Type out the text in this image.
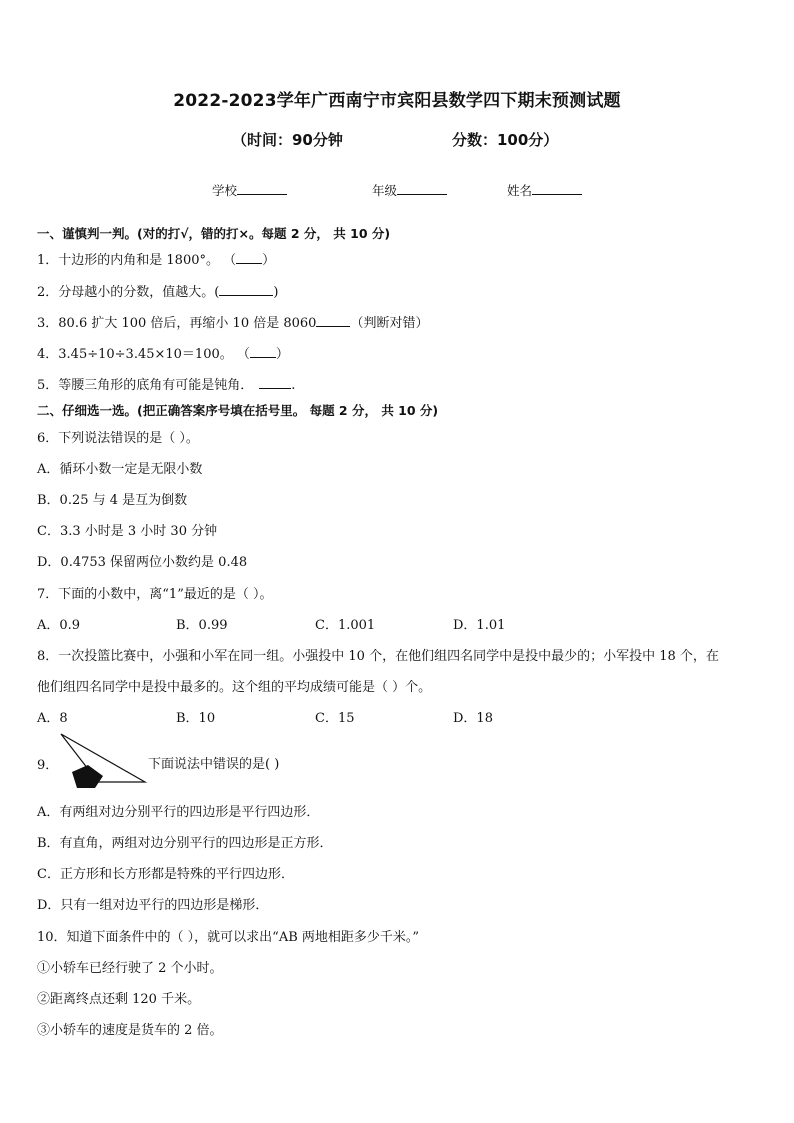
2022-2023学年广西南宁市宾阳县数学四下期末预测试题
（时间：90分钟	分数：100分）
学校	年级	姓名
一、谨慎判一判。(对的打√，错的打×。每题 2 分， 共 10 分)
1．十边形的内角和是 1800°。 （ ）
2．分母越小的分数，值越大。(	)
3．80.6 扩大 100 倍后，再缩小 10 倍是 8060	（判断对错）
4．3.45÷10÷3.45×10＝100。 （ ）
5．等腰三角形的底角有可能是钝角．	.
二、仔细选一选。(把正确答案序号填在括号里。 每题 2 分， 共 10 分)
6．下列说法错误的是（ ）。
A．循环小数一定是无限小数
B．0.25 与 4 是互为倒数
C．3.3 小时是 3 小时 30 分钟
D．0.4753 保留两位小数约是 0.48
7．下面的小数中，离“1”最近的是（ ）。
A．0.9	B．0.99	C．1.001	D．1.01
8．一次投篮比赛中，小强和小军在同一组。小强投中 10 个，在他们组四名同学中是投中最少的；小军投中 18 个，在
他们组四名同学中是投中最多的。这个组的平均成绩可能是（ ）个。
A．8	B．10	C．15	D．18
9．	下面说法中错误的是( )
A．有两组对边分别平行的四边形是平行四边形．
B．有直角，两组对边分别平行的四边形是正方形．
C．正方形和长方形都是特殊的平行四边形．
D．只有一组对边平行的四边形是梯形．
10．知道下面条件中的（ ），就可以求出“AB 两地相距多少千米。”
①小轿车已经行驶了 2 个小时。
②距离终点还剩 120 千米。
③小轿车的速度是货车的 2 倍。
